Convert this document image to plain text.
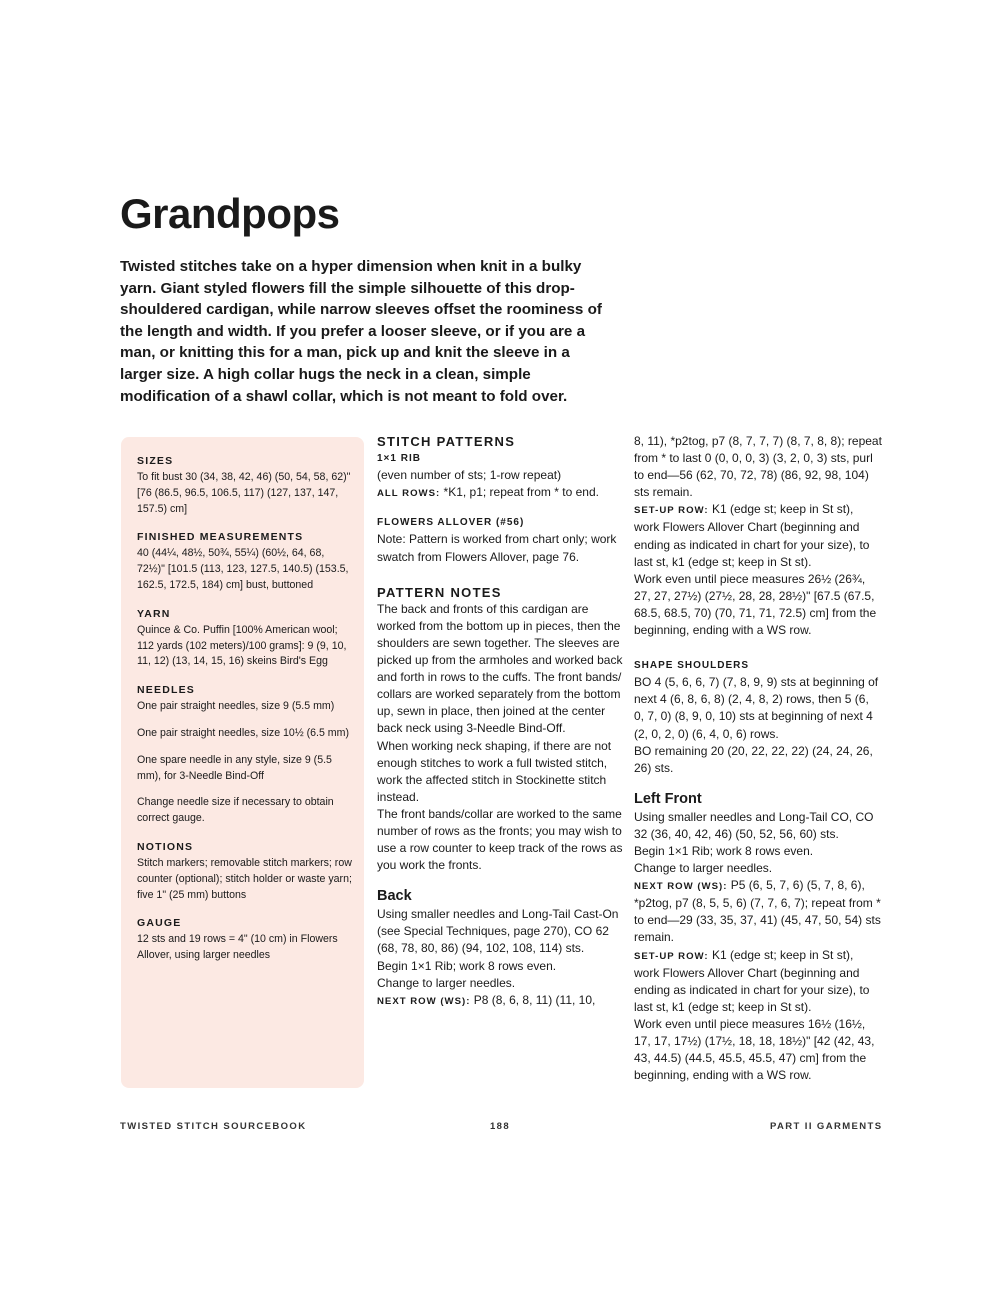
Grandpops

Twisted stitches take on a hyper dimension when knit in a bulky yarn. Giant styled flowers fill the simple silhouette of this drop-shouldered cardigan, while narrow sleeves offset the roominess of the length and width. If you prefer a looser sleeve, or if you are a man, or knitting this for a man, pick up and knit the sleeve in a larger size. A high collar hugs the neck in a clean, simple modification of a shawl collar, which is not meant to fold over.

SIZES

To fit bust 30 (34, 38, 42, 46) (50, 54, 58, 62)" [76 (86.5, 96.5, 106.5, 117) (127, 137, 147, 157.5) cm]

FINISHED MEASUREMENTS

40 (44¼, 48½, 50¾, 55¼) (60½, 64, 68, 72½)" [101.5 (113, 123, 127.5, 140.5) (153.5, 162.5, 172.5, 184) cm] bust, buttoned

YARN

Quince & Co. Puffin [100% American wool; 112 yards (102 meters)/100 grams]: 9 (9, 10, 11, 12) (13, 14, 15, 16) skeins Bird's Egg

NEEDLES

One pair straight needles, size 9 (5.5 mm)

One pair straight needles, size 10½ (6.5 mm)

One spare needle in any style, size 9 (5.5 mm), for 3-Needle Bind-Off

Change needle size if necessary to obtain correct gauge.

NOTIONS

Stitch markers; removable stitch markers; row counter (optional); stitch holder or waste yarn; five 1" (25 mm) buttons

GAUGE

12 sts and 19 rows = 4" (10 cm) in Flowers Allover, using larger needles

STITCH PATTERNS

1×1 RIB

(even number of sts; 1-row repeat)

ALL ROWS: *K1, p1; repeat from * to end.

FLOWERS ALLOVER (#56)

Note: Pattern is worked from chart only; work swatch from Flowers Allover, page 76.

PATTERN NOTES

The back and fronts of this cardigan are worked from the bottom up in pieces, then the shoulders are sewn together. The sleeves are picked up from the armholes and worked back and forth in rows to the cuffs. The front bands/ collars are worked separately from the bottom up, sewn in place, then joined at the center back neck using 3-Needle Bind-Off.

When working neck shaping, if there are not enough stitches to work a full twisted stitch, work the affected stitch in Stockinette stitch instead.

The front bands/collar are worked to the same number of rows as the fronts; you may wish to use a row counter to keep track of the rows as you work the fronts.

Back

Using smaller needles and Long-Tail Cast-On (see Special Techniques, page 270), CO 62 (68, 78, 80, 86) (94, 102, 108, 114) sts.

Begin 1×1 Rib; work 8 rows even.

Change to larger needles.

NEXT ROW (WS): P8 (8, 6, 8, 11) (11, 10,

8, 11), *p2tog, p7 (8, 7, 7, 7) (8, 7, 8, 8); repeat from * to last 0 (0, 0, 0, 3) (3, 2, 0, 3) sts, purl to end—56 (62, 70, 72, 78) (86, 92, 98, 104) sts remain.

SET-UP ROW: K1 (edge st; keep in St st), work Flowers Allover Chart (beginning and ending as indicated in chart for your size), to last st, k1 (edge st; keep in St st).

Work even until piece measures 26½ (26¾, 27, 27, 27½) (27½, 28, 28, 28½)" [67.5 (67.5, 68.5, 68.5, 70) (70, 71, 71, 72.5) cm] from the beginning, ending with a WS row.

SHAPE SHOULDERS

BO 4 (5, 6, 6, 7) (7, 8, 9, 9) sts at beginning of next 4 (6, 8, 6, 8) (2, 4, 8, 2) rows, then 5 (6, 0, 7, 0) (8, 9, 0, 10) sts at beginning of next 4 (2, 0, 2, 0) (6, 4, 0, 6) rows.

BO remaining 20 (20, 22, 22, 22) (24, 24, 26, 26) sts.

Left Front

Using smaller needles and Long-Tail CO, CO 32 (36, 40, 42, 46) (50, 52, 56, 60) sts.

Begin 1×1 Rib; work 8 rows even.

Change to larger needles.

NEXT ROW (WS): P5 (6, 5, 7, 6) (5, 7, 8, 6), *p2tog, p7 (8, 5, 5, 6) (7, 7, 6, 7); repeat from * to end—29 (33, 35, 37, 41) (45, 47, 50, 54) sts remain.

SET-UP ROW: K1 (edge st; keep in St st), work Flowers Allover Chart (beginning and ending as indicated in chart for your size), to last st, k1 (edge st; keep in St st).

Work even until piece measures 16½ (16½, 17, 17, 17½) (17½, 18, 18, 18½)" [42 (42, 43, 43, 44.5) (44.5, 45.5, 45.5, 47) cm] from the beginning, ending with a WS row.

TWISTED STITCH SOURCEBOOK	188	PART II GARMENTS
